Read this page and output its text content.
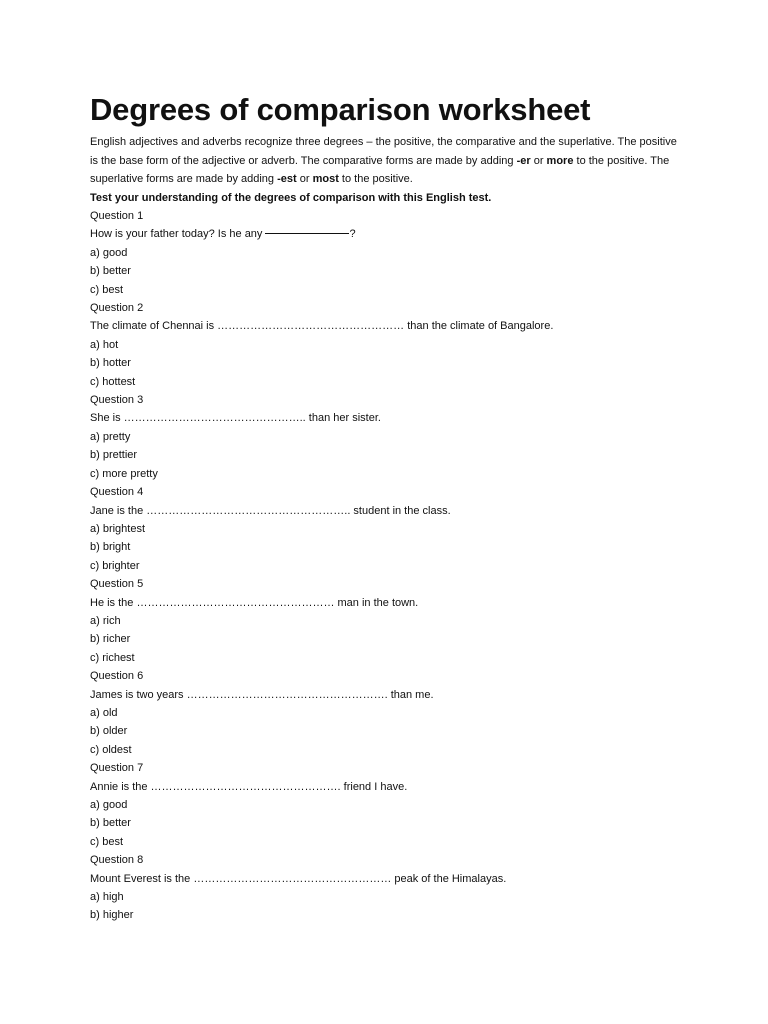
Degrees of comparison worksheet

English adjectives and adverbs recognize three degrees – the positive, the comparative and the superlative. The positive is the base form of the adjective or adverb. The comparative forms are made by adding -er or more to the positive. The superlative forms are made by adding -est or most to the positive.

Test your understanding of the degrees of comparison with this English test.

Question 1

How is your father today? Is he any	?

a) good

b) better

c) best

Question 2

The climate of Chennai is …………………………………………… than the climate of Bangalore.

a) hot

b) hotter

c) hottest

Question 3

She is ………………………………………….. than her sister.

a) pretty

b) prettier

c) more pretty

Question 4

Jane is the ……………………………………………….. student in the class.

a) brightest

b) bright

c) brighter

Question 5

He is the ……………………………………………… man in the town.

a) rich

b) richer

c) richest

Question 6

James is two years ………………………………………………. than me.

a) old

b) older

c) oldest

Question 7

Annie is the ……………………………………………. friend I have.

a) good

b) better

c) best

Question 8

Mount Everest is the ……………………………………………… peak of the Himalayas.

a) high

b) higher
